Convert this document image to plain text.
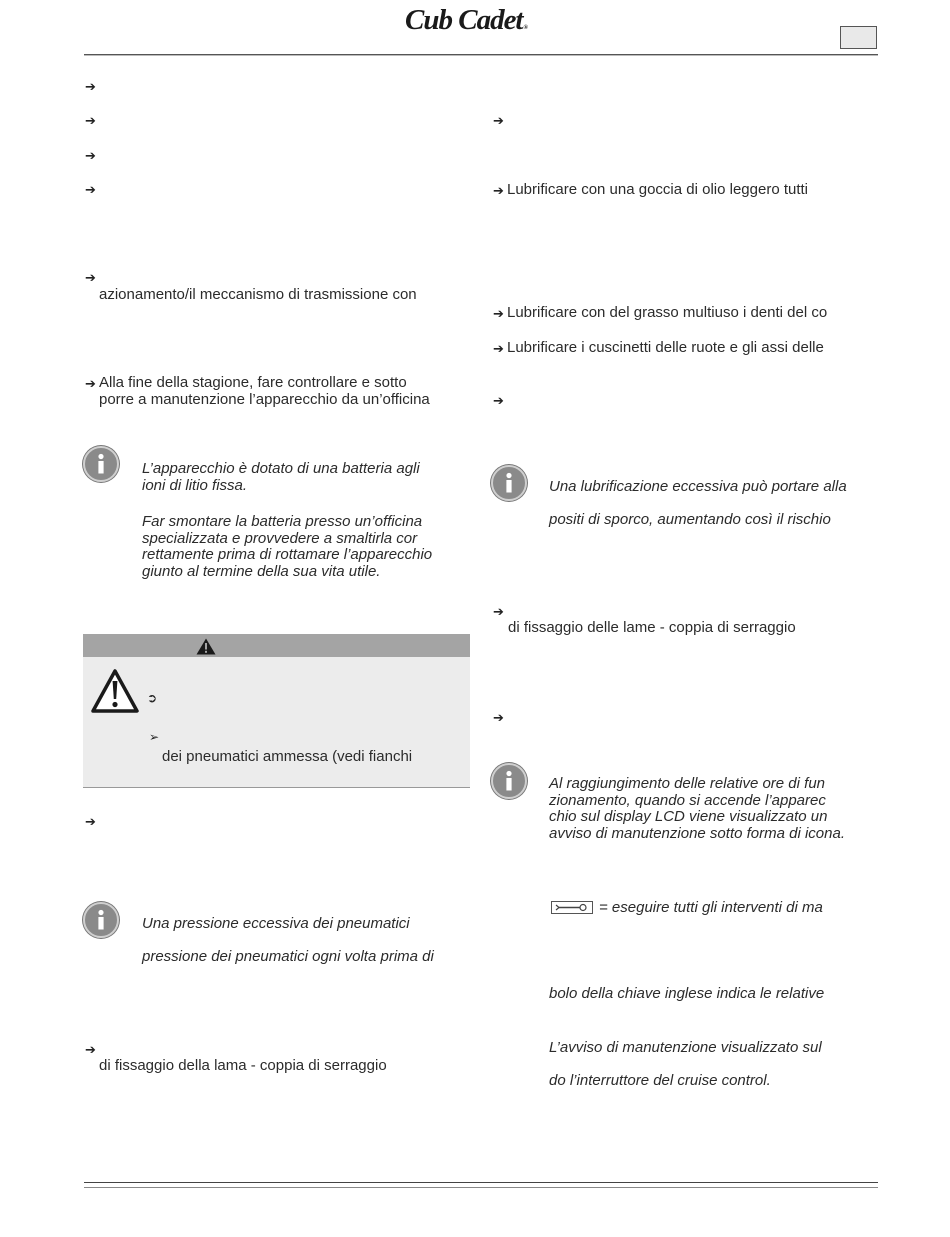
Cub Cadet®
➔
➔
➔
➔
➔
azionamento/il meccanismo di trasmissione con
➔ Alla fine della stagione, fare controllare e sotto
porre a manutenzione l’apparecchio da un’officina
L’apparecchio è dotato di una batteria agli
ioni di litio fissa.
Far smontare la batteria presso un’officina
specializzata e provvedere a smaltirla cor
rettamente prima di rottamare l’apparecchio
giunto al termine della sua vita utile.
➲
➢
dei pneumatici ammessa (vedi fianchi
➔
Una pressione eccessiva dei pneumatici
pressione dei pneumatici ogni volta prima di
➔
di fissaggio della lama - coppia di serraggio
➔
➔ Lubrificare con una goccia di olio leggero tutti
➔ Lubrificare con del grasso multiuso i denti del co
➔ Lubrificare i cuscinetti delle ruote e gli assi delle
➔
Una lubrificazione eccessiva può portare alla
positi di sporco, aumentando così il rischio
➔
di fissaggio delle lame - coppia di serraggio
➔
Al raggiungimento delle relative ore di fun
zionamento, quando si accende l’apparec
chio sul display LCD viene visualizzato un
avviso di manutenzione sotto forma di icona.
= eseguire tutti gli interventi di ma
bolo della chiave inglese indica le relative
L’avviso di manutenzione visualizzato sul
do l’interruttore del cruise control.
